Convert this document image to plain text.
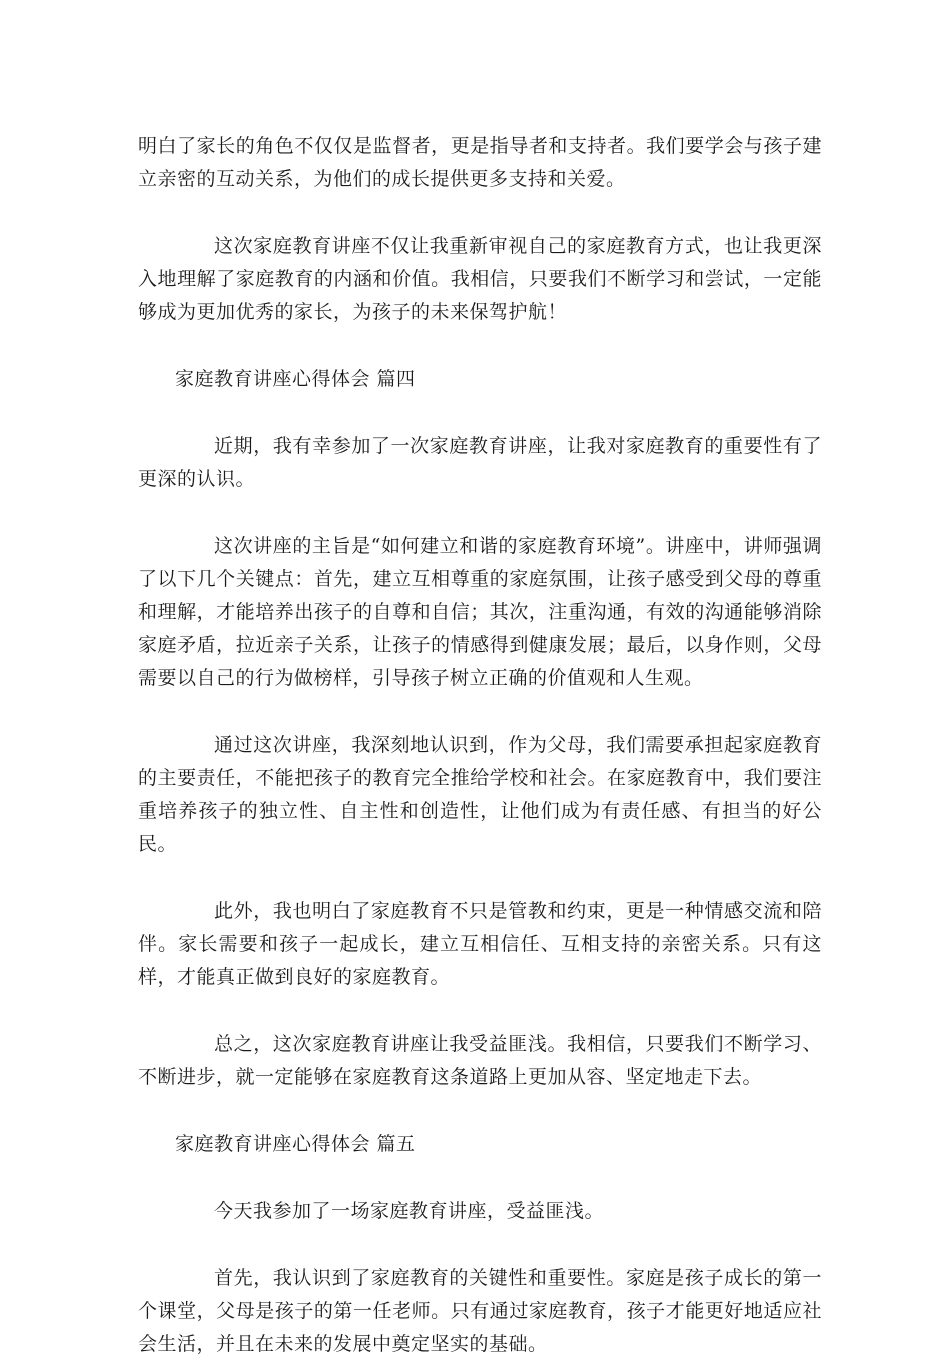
明白了家长的角色不仅仅是监督者，更是指导者和支持者。我们要学会与孩子建立亲密的互动关系，为他们的成长提供更多支持和关爱。

这次家庭教育讲座不仅让我重新审视自己的家庭教育方式，也让我更深入地理解了家庭教育的内涵和价值。我相信，只要我们不断学习和尝试，一定能够成为更加优秀的家长，为孩子的未来保驾护航！

家庭教育讲座心得体会 篇四

近期，我有幸参加了一次家庭教育讲座，让我对家庭教育的重要性有了更深的认识。

这次讲座的主旨是“如何建立和谐的家庭教育环境”。讲座中，讲师强调了以下几个关键点：首先，建立互相尊重的家庭氛围，让孩子感受到父母的尊重和理解，才能培养出孩子的自尊和自信；其次，注重沟通，有效的沟通能够消除家庭矛盾，拉近亲子关系，让孩子的情感得到健康发展；最后，以身作则，父母需要以自己的行为做榜样，引导孩子树立正确的价值观和人生观。

通过这次讲座，我深刻地认识到，作为父母，我们需要承担起家庭教育的主要责任，不能把孩子的教育完全推给学校和社会。在家庭教育中，我们要注重培养孩子的独立性、自主性和创造性，让他们成为有责任感、有担当的好公民。

此外，我也明白了家庭教育不只是管教和约束，更是一种情感交流和陪伴。家长需要和孩子一起成长，建立互相信任、互相支持的亲密关系。只有这样，才能真正做到良好的家庭教育。

总之，这次家庭教育讲座让我受益匪浅。我相信，只要我们不断学习、不断进步，就一定能够在家庭教育这条道路上更加从容、坚定地走下去。

家庭教育讲座心得体会 篇五

今天我参加了一场家庭教育讲座，受益匪浅。

首先，我认识到了家庭教育的关键性和重要性。家庭是孩子成长的第一个课堂，父母是孩子的第一任老师。只有通过家庭教育，孩子才能更好地适应社会生活，并且在未来的发展中奠定坚实的基础。
